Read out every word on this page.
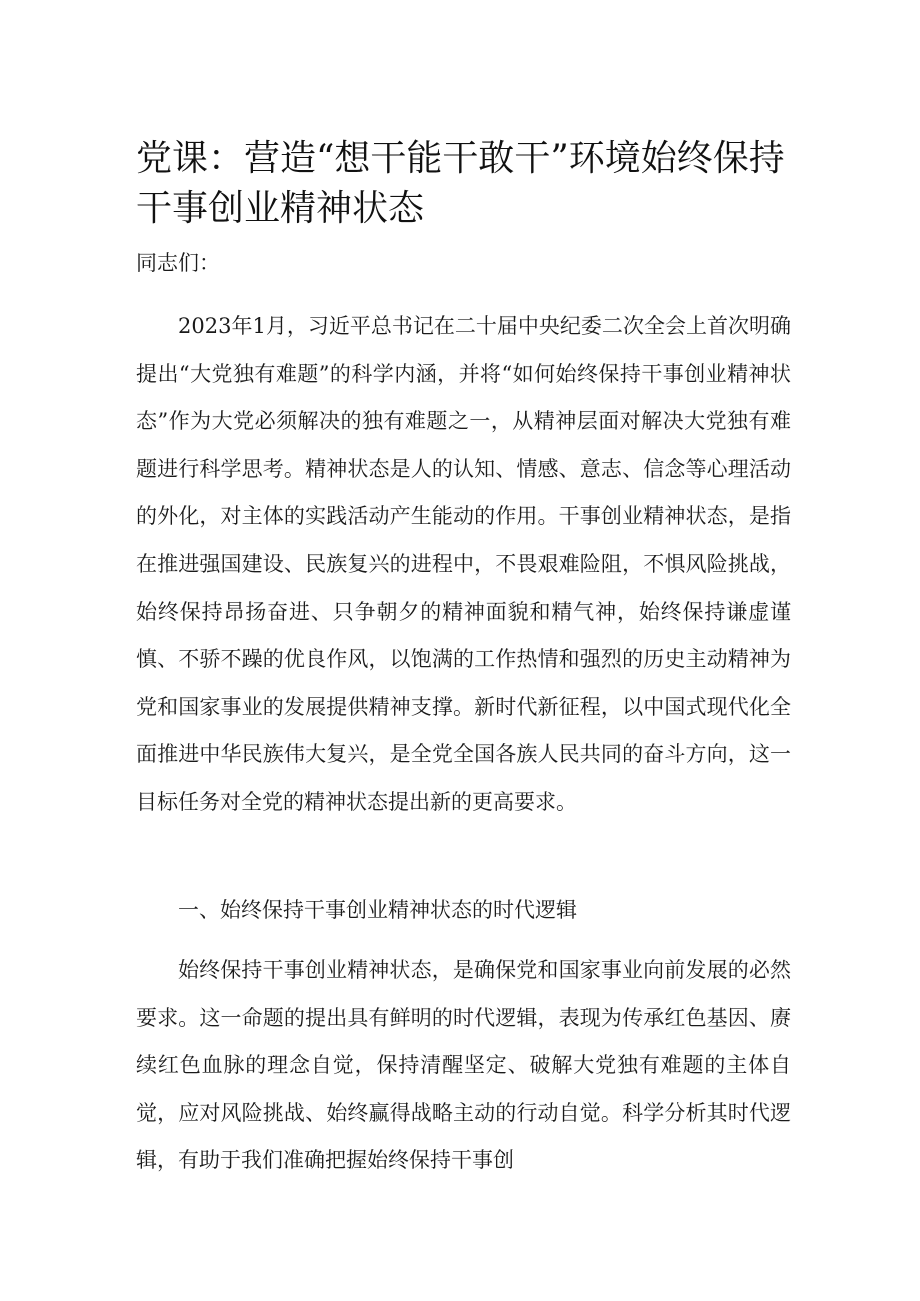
党课：营造“想干能干敢干”环境始终保持干事创业精神状态

同志们：

2023年1月，习近平总书记在二十届中央纪委二次全会上首次明确提出“大党独有难题”的科学内涵，并将“如何始终保持干事创业精神状态”作为大党必须解决的独有难题之一，从精神层面对解决大党独有难题进行科学思考。精神状态是人的认知、情感、意志、信念等心理活动的外化，对主体的实践活动产生能动的作用。干事创业精神状态，是指在推进强国建设、民族复兴的进程中，不畏艰难险阻，不惧风险挑战，始终保持昂扬奋进、只争朝夕的精神面貌和精气神，始终保持谦虚谨慎、不骄不躁的优良作风，以饱满的工作热情和强烈的历史主动精神为党和国家事业的发展提供精神支撑。新时代新征程，以中国式现代化全面推进中华民族伟大复兴，是全党全国各族人民共同的奋斗方向，这一目标任务对全党的精神状态提出新的更高要求。

一、始终保持干事创业精神状态的时代逻辑

始终保持干事创业精神状态，是确保党和国家事业向前发展的必然要求。这一命题的提出具有鲜明的时代逻辑，表现为传承红色基因、赓续红色血脉的理念自觉，保持清醒坚定、破解大党独有难题的主体自觉，应对风险挑战、始终赢得战略主动的行动自觉。科学分析其时代逻辑，有助于我们准确把握始终保持干事创
